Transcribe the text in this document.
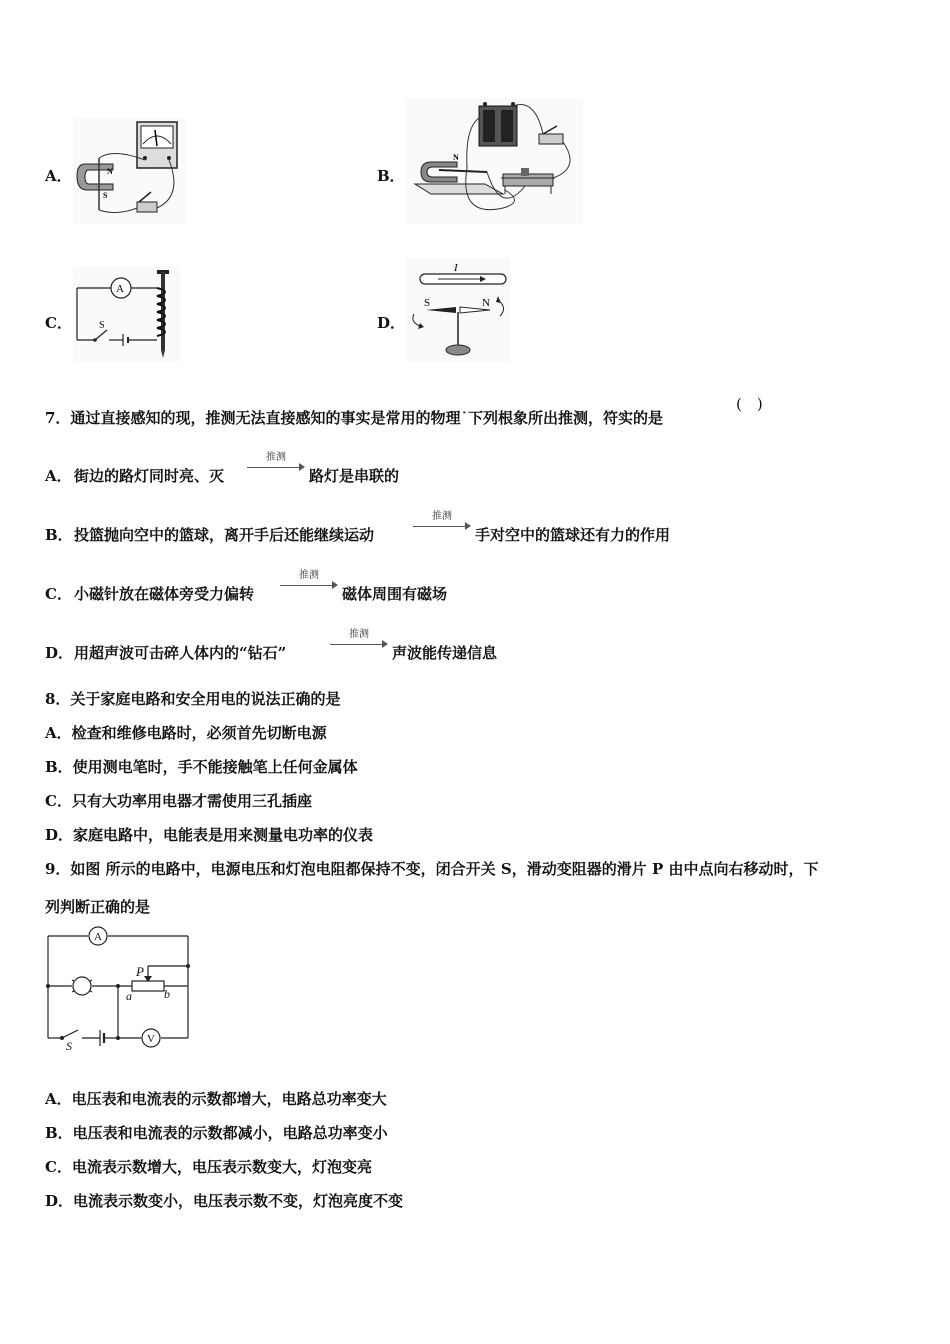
A．	N
S
B．
N
C．
A
S	D．
I
S	N
7．通过直接感知的现，推测无法直接感知的事实是常用的物理˙下列根象所出推测，符实的是
(　)
A． 街边的路灯同时亮、灭
推测
路灯是串联的
B． 投篮抛向空中的篮球，离开手后还能继续运动
推测
手对空中的篮球还有力的作用
C． 小磁针放在磁体旁受力偏转
推测
磁体周围有磁场
D． 用超声波可击碎人体内的“钻石”
推测
声波能传递信息
8．关于家庭电路和安全用电的说法正确的是
A．检查和维修电路时，必须首先切断电源
B．使用测电笔时，手不能接触笔上任何金属体
C．只有大功率用电器才需使用三孔插座
D．家庭电路中，电能表是用来测量电功率的仪表
9．如图 所示的电路中，电源电压和灯泡电阻都保持不变，闭合开关 S，滑动变阻器的滑片 P 由中点向右移动时，下
列判断正确的是
A
V
P
a	b
S
A．电压表和电流表的示数都增大，电路总功率变大
B．电压表和电流表的示数都减小，电路总功率变小
C．电流表示数增大，电压表示数变大，灯泡变亮
D．电流表示数变小，电压表示数不变，灯泡亮度不变
